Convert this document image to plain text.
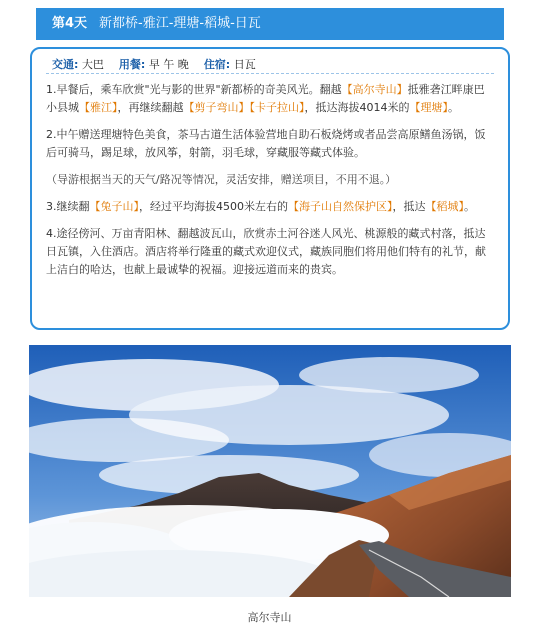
第4天 新都桥-雅江-理塘-稻城-日瓦
交通: 大巴 用餐: 早 午 晚 住宿: 日瓦

1.早餐后，乘车欣赏"光与影的世界"新都桥的奇美风光。翻越【高尔寺山】抵雅砻江畔康巴小县城【雅江】，再继续翻越【剪子弯山】【卡子拉山】，抵达海拔4014米的【理塘】。

2.中午赠送理塘特色美食，茶马古道生活体验营地自助石板烧烤或者品尝高原鳝鱼汤锅，饭后可骑马，踢足球，放风筝，射箭，羽毛球，穿藏服等藏式体验。

（导游根据当天的天气/路况等情况，灵活安排，赠送项目，不用不退。）

3.继续翻【兔子山】，经过平均海拔4500米左右的【海子山自然保护区】，抵达【稻城】。

4.途径傍河、万亩青阳林、翻越波瓦山，欣赏赤土河谷迷人风光、桃源般的藏式村落，抵达日瓦镇，入住酒店。酒店将举行隆重的藏式欢迎仪式，藏族同胞们将用他们特有的礼节，献上洁白的哈达，也献上最诚挚的祝福。迎接远道而来的贵宾。

高尔寺山
